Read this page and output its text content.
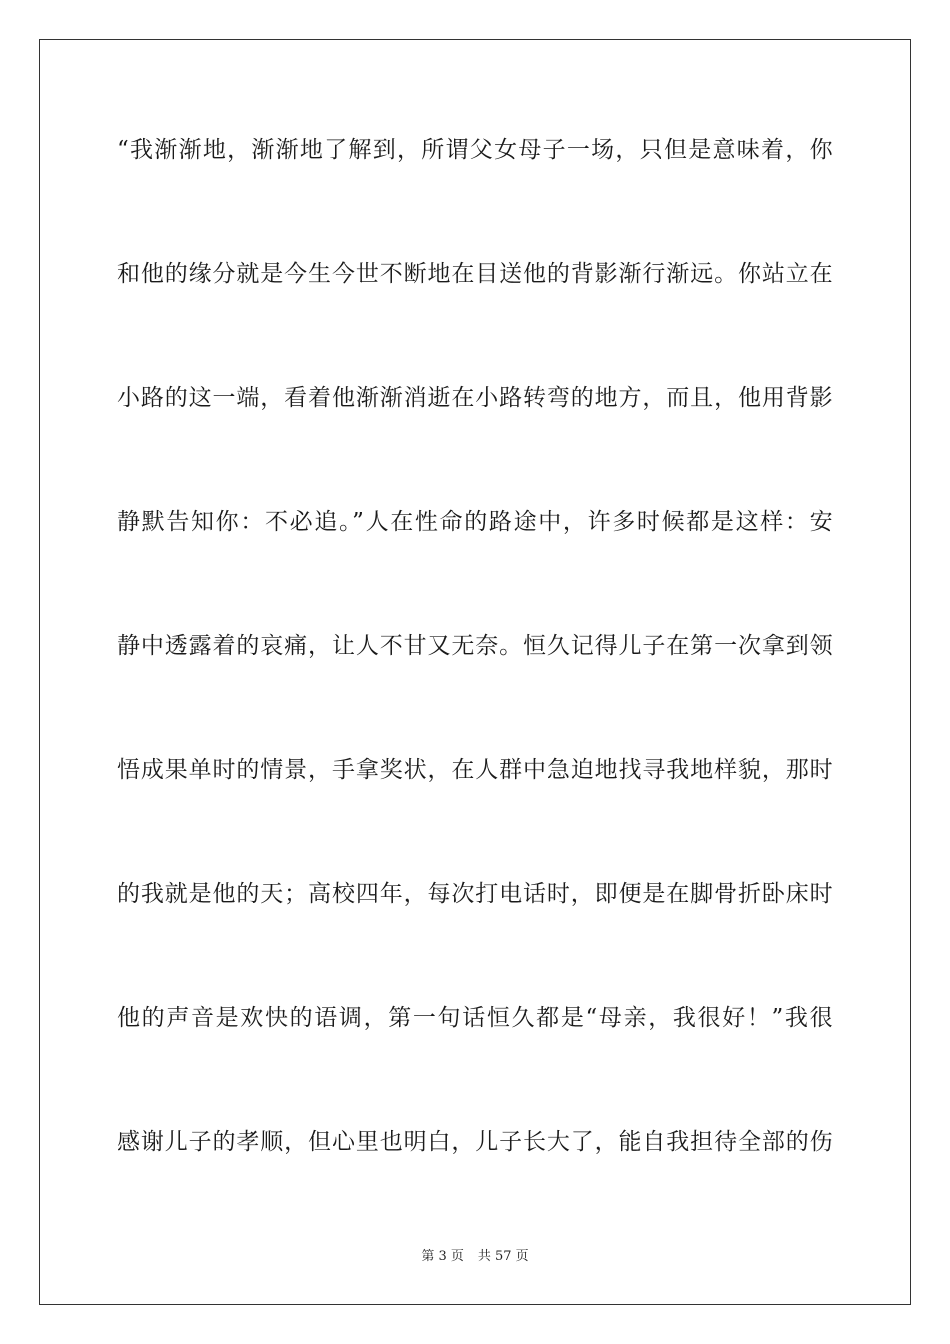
“我渐渐地，渐渐地了解到，所谓父女母子一场，只但是意味着，你
和他的缘分就是今生今世不断地在目送他的背影渐行渐远。你站立在
小路的这一端，看着他渐渐消逝在小路转弯的地方，而且，他用背影
静默告知你：不必追。”人在性命的路途中，许多时候都是这样：安
静中透露着的哀痛，让人不甘又无奈。恒久记得儿子在第一次拿到领
悟成果单时的情景，手拿奖状，在人群中急迫地找寻我地样貌，那时
的我就是他的天；高校四年，每次打电话时，即便是在脚骨折卧床时
他的声音是欢快的语调，第一句话恒久都是“母亲，我很好！”我很
感谢儿子的孝顺，但心里也明白，儿子长大了，能自我担待全部的伤
第 3 页 共 57 页
